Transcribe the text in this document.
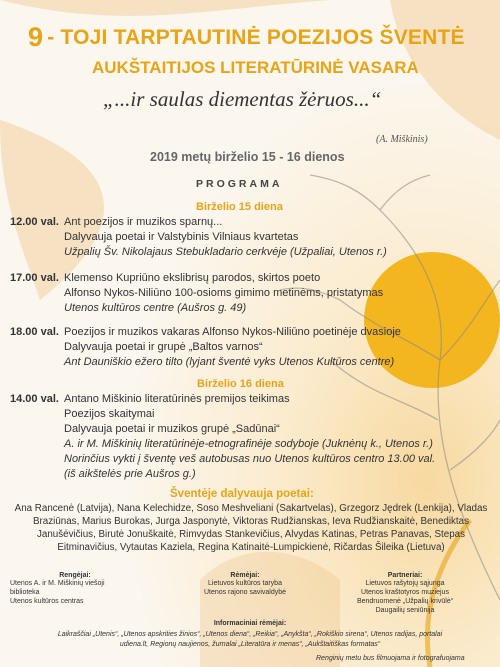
9 - TOJI TARPTAUTINĖ POEZIJOS ŠVENTĖ
AUKŠTAITIJOS LITERATŪRINĖ VASARA
„...ir saulas diementas žėruos...“
(A. Miškinis)
2019 metų birželio 15 - 16 dienos
PROGRAMA
Birželio 15 diena
12.00 val. Ant poezijos ir muzikos sparnų...
Dalyvauja poetai ir Valstybinis Vilniaus kvartetas
Užpalių Šv. Nikolajaus Stebukladario cerkvėje (Užpaliai, Utenos r.)
17.00 val. Klemenso Kupriūno ekslibrisų parodos, skirtos poeto
Alfonso Nykos-Niliūno 100-osioms gimimo metinėms, pristatymas
Utenos kultūros centre (Aušros g. 49)
18.00 val. Poezijos ir muzikos vakaras Alfonso Nykos-Niliūno poetinėje dvasioje
Dalyvauja poetai ir grupė „Baltos varnos“
Ant Dauniškio ežero tilto (lyjant šventė vyks Utenos Kultūros centre)
Birželio 16 diena
14.00 val. Antano Miškinio literatūrinės premijos teikimas
Poezijos skaitymai
Dalyvauja poetai ir muzikos grupė „Sadūnai“
A. ir M. Miškinių literatūrinėje-etnografinėje sodyboje (Juknėnų k., Utenos r.)
Norinčius vykti į šventę veš autobusas nuo Utenos kultūros centro 13.00 val.
(iš aikštelės prie Aušros g.)
Šventėje dalyvauja poetai:
Ana Rancenė (Latvija), Nana Kelechidze, Soso Meshveliani (Sakartvelas), Grzegorz Jędrek (Lenkija), Vladas Braziūnas, Marius Burokas, Jurga Jasponytė, Viktoras Rudžianskas, Ieva Rudžianskaitė, Benediktas Janušėvičius, Birutė Jonuškaitė, Rimvydas Stankevičius, Alvydas Katinas, Petras Panavas, Stepas Eitminavičius, Vytautas Kaziela, Regina Katinaitė-Lumpickienė, Ričardas Šileika (Lietuva)
Rengėjai:
Utenos A. ir M. Miškinių viešoji
biblioteka
Utenos kultūros centras
Rėmėjai:
Lietuvos kultūros taryba
Utenos rajono savivaldybė
Partneriai:
Lietuvos rašytojų sąjunga
Utenos kraštotyros muziejus
Bendruomenė „Užpalių krivūlė“
Daugailių seniūnija
Informaciniai rėmėjai:
Laikraščiai „Utenis“, „Utenos apskrities žinios“, „Utenos diena“, „Reikia“, „Anykšta“, „Rokiškio sirena“, Utenos radijas, portalai
udiena.lt, Regionų naujienos, žurnalai „Literatūra ir menas“, „Aukštaitiškas formatas“
Renginių metu bus filmuojama ir fotografuojama
